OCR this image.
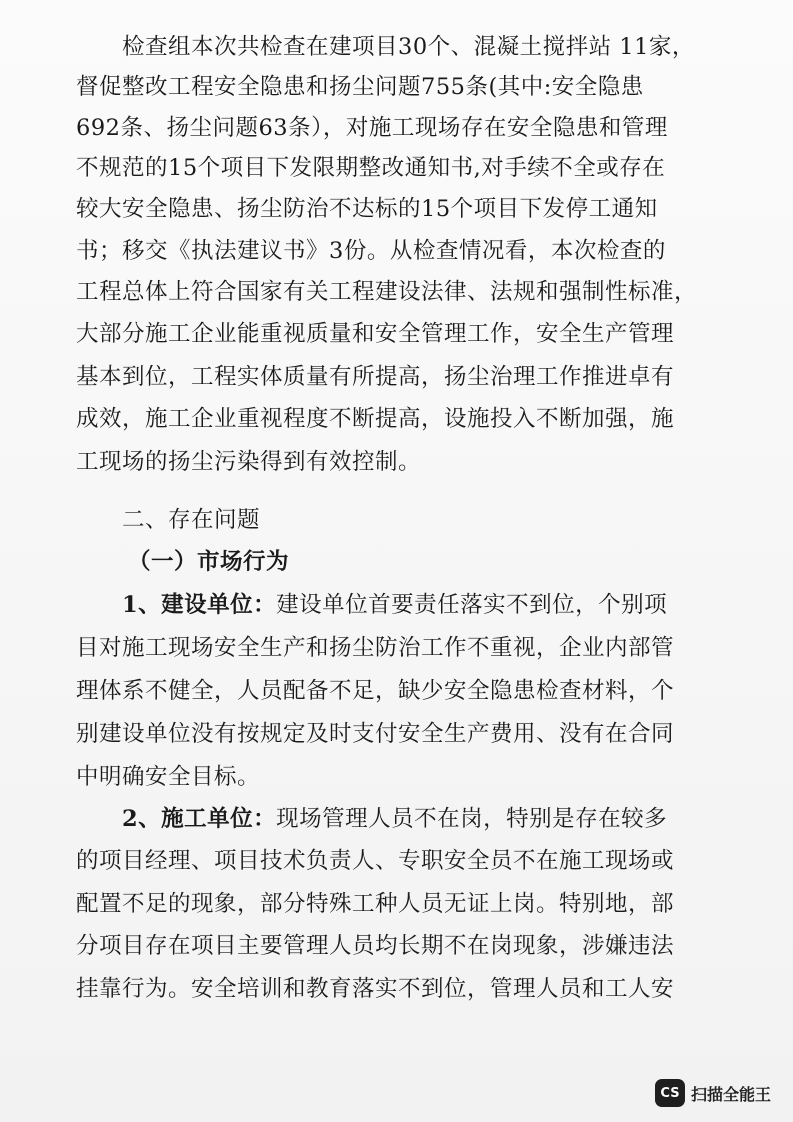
检查组本次共检查在建项目30个、混凝土搅拌站 11家，
督促整改工程安全隐患和扬尘问题755条(其中:安全隐患
692条、扬尘问题63条），对施工现场存在安全隐患和管理
不规范的15个项目下发限期整改通知书,对手续不全或存在
较大安全隐患、扬尘防治不达标的15个项目下发停工通知
书；移交《执法建议书》3份。从检查情况看，本次检查的
工程总体上符合国家有关工程建设法律、法规和强制性标准，
大部分施工企业能重视质量和安全管理工作，安全生产管理
基本到位，工程实体质量有所提高，扬尘治理工作推进卓有
成效，施工企业重视程度不断提高，设施投入不断加强，施
工现场的扬尘污染得到有效控制。
二、存在问题
（一）市场行为
1、建设单位：建设单位首要责任落实不到位，个别项
目对施工现场安全生产和扬尘防治工作不重视，企业内部管
理体系不健全，人员配备不足，缺少安全隐患检查材料，个
别建设单位没有按规定及时支付安全生产费用、没有在合同
中明确安全目标。
2、施工单位：现场管理人员不在岗，特别是存在较多
的项目经理、项目技术负责人、专职安全员不在施工现场或
配置不足的现象，部分特殊工种人员无证上岗。特别地，部
分项目存在项目主要管理人员均长期不在岗现象，涉嫌违法
挂靠行为。安全培训和教育落实不到位，管理人员和工人安
CS 扫描全能王
